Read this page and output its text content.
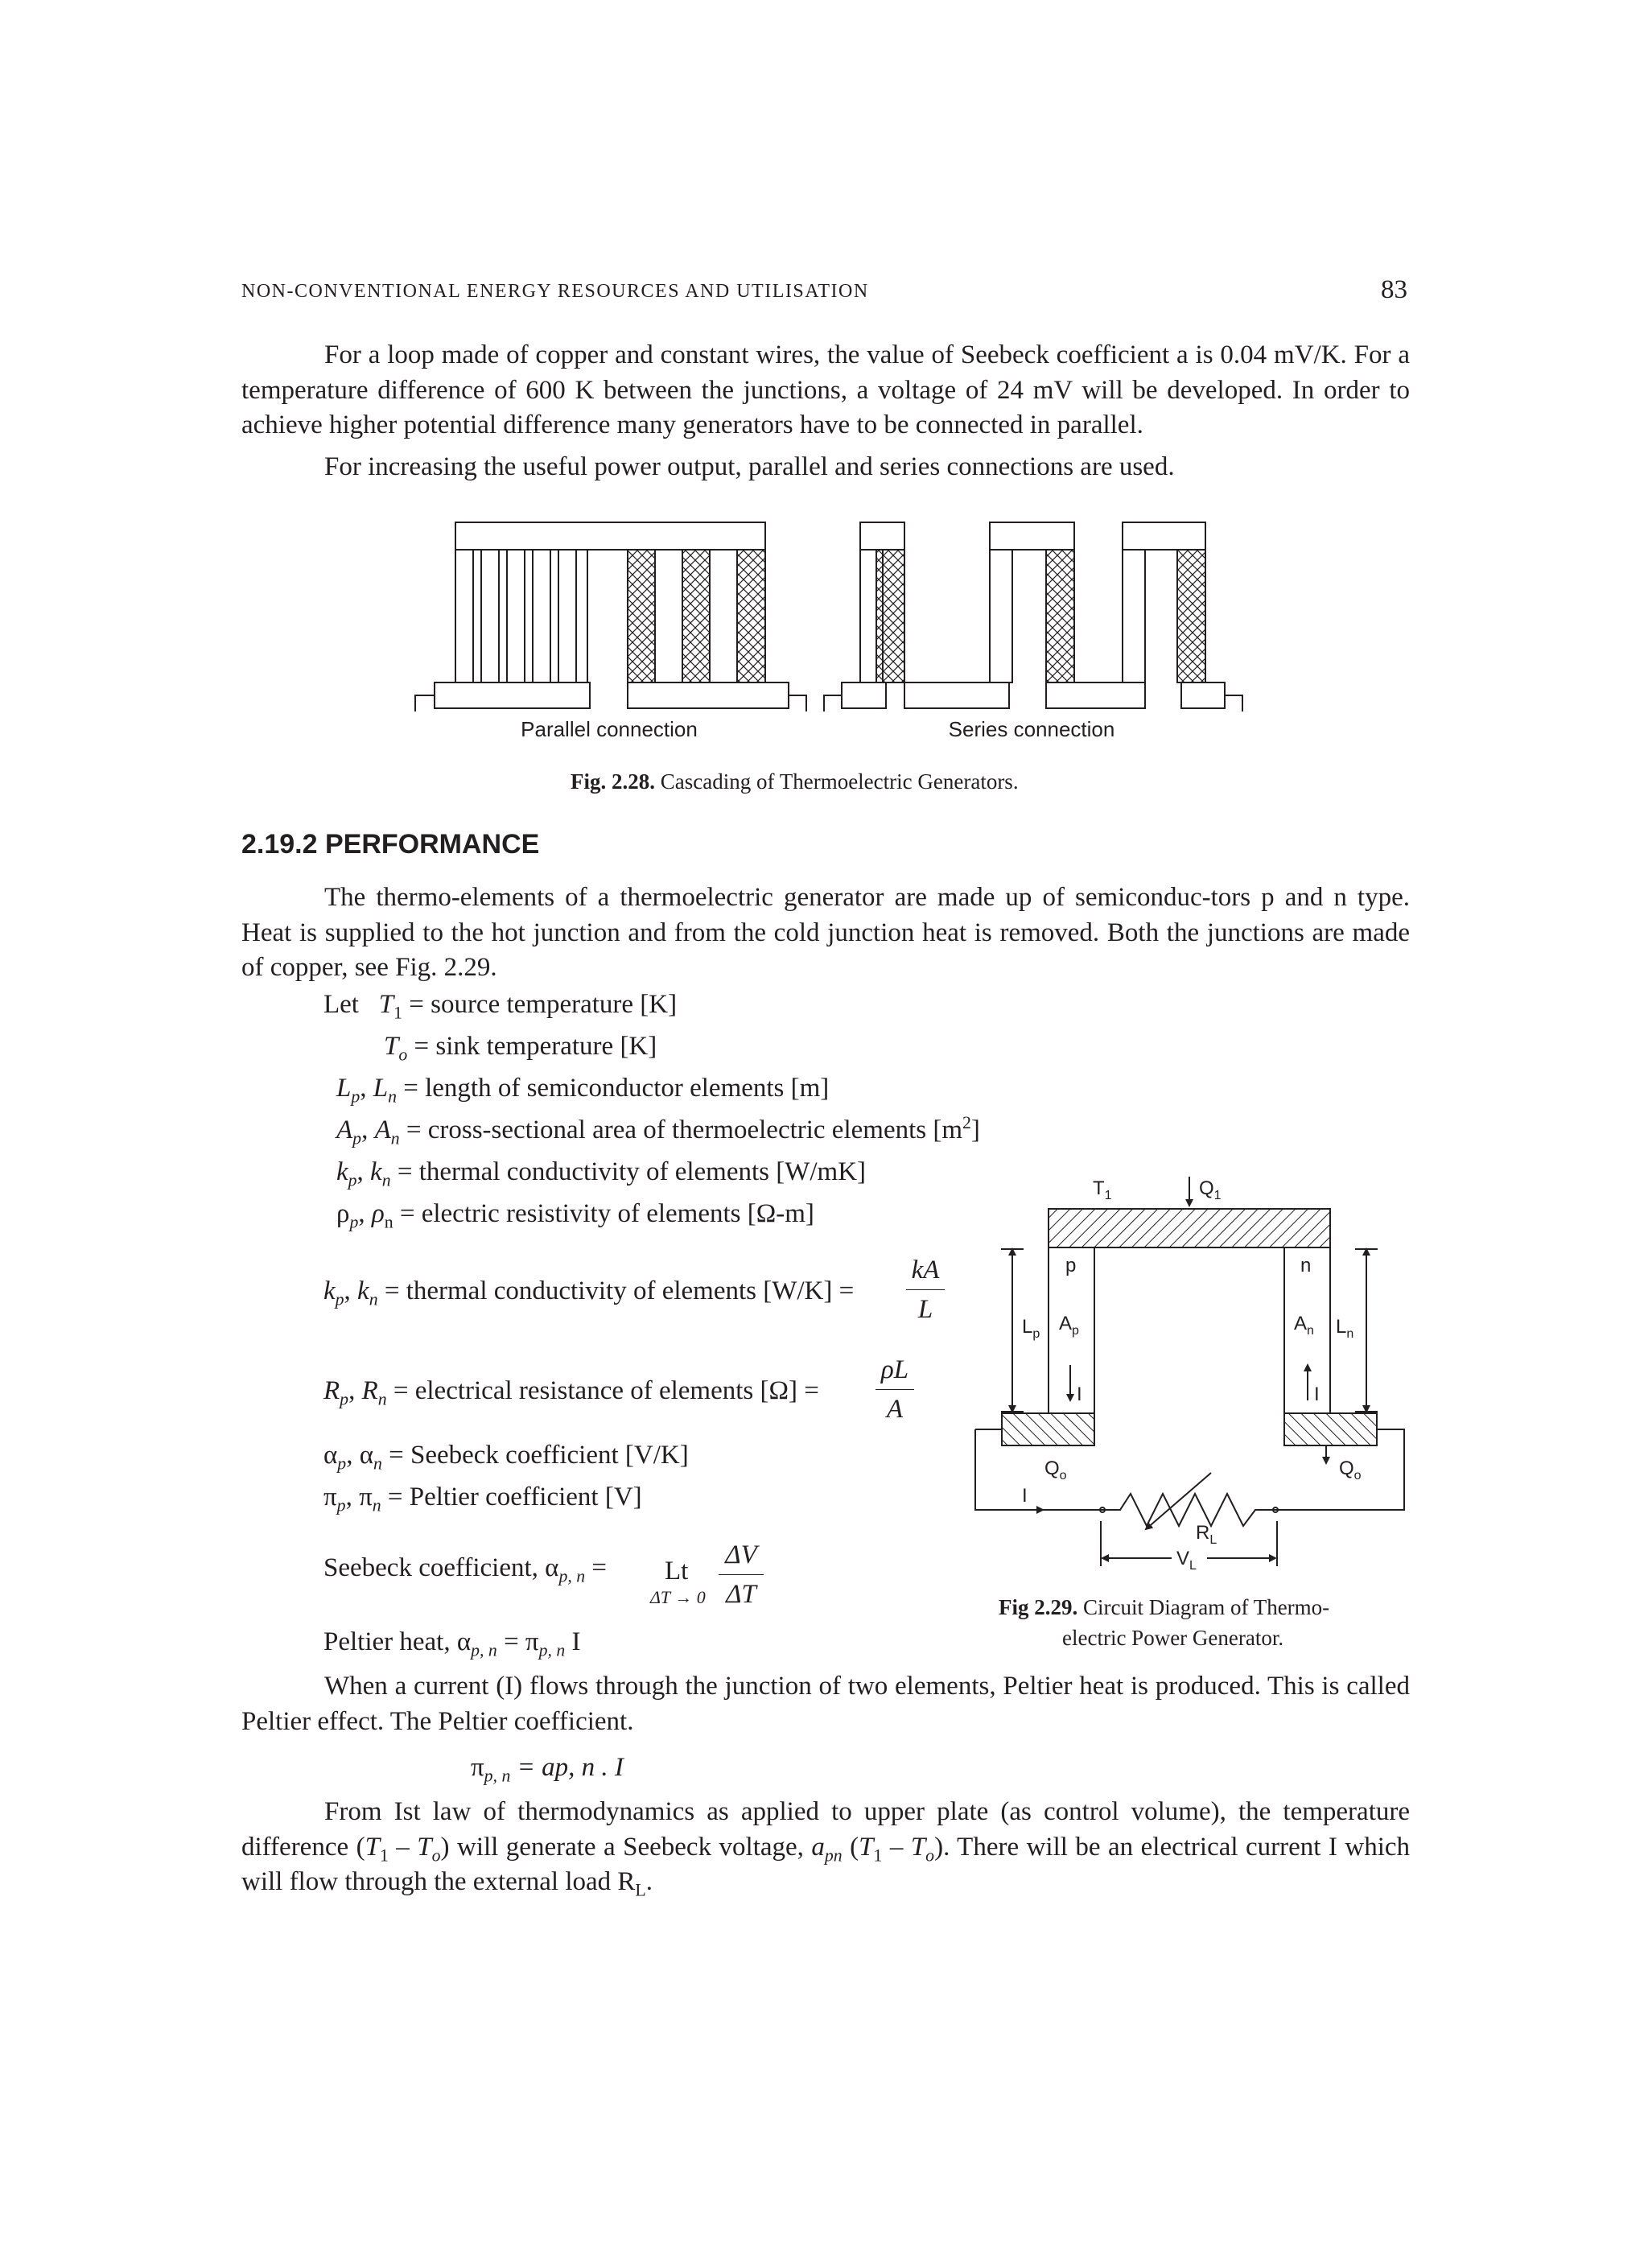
NON-CONVENTIONAL ENERGY RESOURCES AND UTILISATION	83

For a loop made of copper and constant wires, the value of Seebeck coefficient a is 0.04 mV/K. For a temperature difference of 600 K between the junctions, a voltage of 24 mV will be developed. In order to achieve higher potential difference many generators have to be connected in parallel.

For increasing the useful power output, parallel and series connections are used.

Parallel connection	Series connection
Fig. 2.28. Cascading of Thermoelectric Generators.
2.19.2 PERFORMANCE

The thermo-elements of a thermoelectric generator are made up of semiconduc-tors p and n type. Heat is supplied to the hot junction and from the cold junction heat is removed. Both the junctions are made of copper, see Fig. 2.29.

Let $T_1$ = source temperature [K]
$T_o = \sin k$ temperature [K]
$L_p$, $L_n$ = length of semiconductor elements [m]
$A_p$, $A_n$ = cross-sectional area of thermoelectric elements $[m^2]$
$k_p$, $k_n$ = thermal conductivity of elements [W/mK]
$\rho_p$, $\rho_n$ = electric resistivity of elements [Ω-m]
$k_p$, $k_n$ = thermal conductivity of elements [W/K] =
kA
L
$R_p$, $R_n$ = electrical resistance of elements [Ω] =
ρL
A
$\alpha_p$, $\alpha_n$ = Seebeck coefficient [V/K]
$\pi_p$, $\pi_n$ = Peltier coefficient [V]
Seebeck coefficient, $\alpha_{p, n} = Lt$
ΔT → 0
ΔV
ΔT
Peltier heat, $\alpha_{p, n} = \pi_{p, n}$ I
$T_1$	$Q_1$
p	n
$L_p$ $A_p$	$A_n$ $L_n$
I	I
$Q_o$	$Q_o$
I
$R_L$
$V_L$
Fig 2.29. Circuit Diagram of Thermo-
electric Power Generator.

When a current (I) flows through the junction of two elements, Peltier heat is produced. This is called Peltier effect. The Peltier coefficient.

$\pi_{p, n}$ = ap, n . I

From Ist law of thermodynamics as applied to upper plate (as control volume), the temperature difference $(T_1 - T_o)$ will generate a Seebeck voltage, $a_{pn}$ $(T_1 - T_o)$. There will be an electrical current I which will flow through the external load $R_L$.
